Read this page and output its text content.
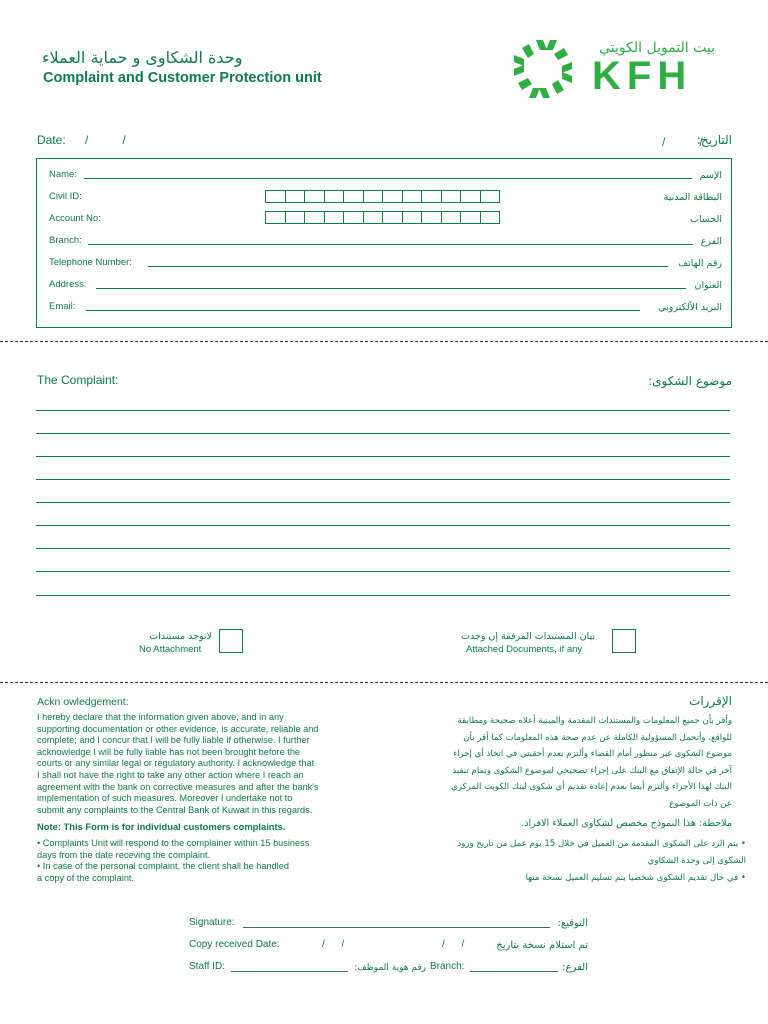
وحدة الشكاوى و حماية العملاء
Complaint and Customer Protection unit
بيت التمويل الكويتي
KFH
Date: /   /	/   /
التاريخ:
Name:	الإسم
Civil ID:	البطاقة المدنية
Account No:	الحساب
Branch:	الفرع
Telephone Number:	رقم الهاتف
Address:	العنوان
Email:	البريد الألكتروني
The Complaint:	موضوع الشكوى:
لاتوجد مستندات
No Attachment
بيان المستندات المرفقة إن وجدت
Attached Documents, if any
Ackn owledgement:
I hereby declare that the information given above, and in any
supporting documentation or other evidence, is accurate, reliable and
complete; and I concur that I will be fully liable if otherwise. I further
acknowledge I will be fully liable has not been brought before the
courts or any similar legal or regulatory authority. I acknowledge that
I shall not have the right to take any other action where I reach an
agreement with the bank on corrective measures and after the bank's
implementation of such measures. Moreover I undertake not to
submit any complaints to the Central Bank of Kuwait in this regards.
Note: This Form is for individual customers complaints.
• Complaints Unit will respond to the complainer within 15 business
days from the date receving the complaint.
• In case of the personal complaint, the client shall be handled
a copy of the complaint.
الإقررات
وأقر بأن جميع المعلومات والمستندات المقدمة والمبنية أعلاه صحيحة ومطابقة
للواقع، وأتحمل المسؤولية الكاملة عن عدم صحة هذه المعلومات كما أقر بأن
موضوع الشكوى غير منظور أمام القضاء وألتزم بعدم أحقيتي في اتخاذ أي إجراء
آخر في حالة الإتفاق مع البنك على إجراء تصحيحي لموضوع الشكوى وتمام تنفيذ
البنك لهذا الأجراء وألتزم أيضا بعدم إعادة تقديم أي شكوى لبنك الكويت المركزي
عن ذات الموضوع
ملاحظة: هذا النموذج مخصص لشكاوى العملاء الافراد.
• يتم الرد على الشكوى المقدمة من العميل في خلال 15 يوم عمل من تاريخ ورود
الشكوى إلى وحدة الشكاوي
• في حال تقديم الشكوى شخصيا يتم تسليم العميل نسخة منها
Signature:	التوقيع:
Copy received Date:	/      /	/      /	تم استلام نسخة بتاريخ
Staff ID:	رقم هوية الموظف: Branch:	الفرع:
